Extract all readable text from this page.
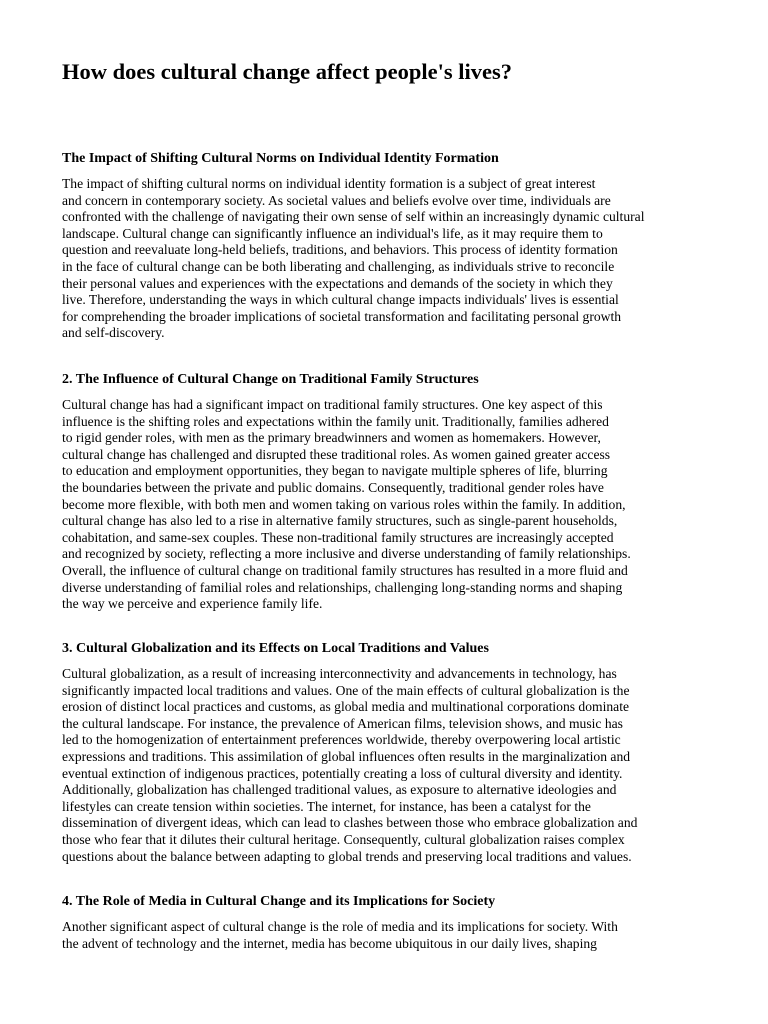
How does cultural change affect people's lives?
The Impact of Shifting Cultural Norms on Individual Identity Formation

The impact of shifting cultural norms on individual identity formation is a subject of great interest
and concern in contemporary society. As societal values and beliefs evolve over time, individuals are
confronted with the challenge of navigating their own sense of self within an increasingly dynamic cultural
landscape. Cultural change can significantly influence an individual's life, as it may require them to
question and reevaluate long-held beliefs, traditions, and behaviors. This process of identity formation
in the face of cultural change can be both liberating and challenging, as individuals strive to reconcile
their personal values and experiences with the expectations and demands of the society in which they
live. Therefore, understanding the ways in which cultural change impacts individuals' lives is essential
for comprehending the broader implications of societal transformation and facilitating personal growth
and self-discovery.

2. The Influence of Cultural Change on Traditional Family Structures

Cultural change has had a significant impact on traditional family structures. One key aspect of this
influence is the shifting roles and expectations within the family unit. Traditionally, families adhered
to rigid gender roles, with men as the primary breadwinners and women as homemakers. However,
cultural change has challenged and disrupted these traditional roles. As women gained greater access
to education and employment opportunities, they began to navigate multiple spheres of life, blurring
the boundaries between the private and public domains. Consequently, traditional gender roles have
become more flexible, with both men and women taking on various roles within the family. In addition,
cultural change has also led to a rise in alternative family structures, such as single-parent households,
cohabitation, and same-sex couples. These non-traditional family structures are increasingly accepted
and recognized by society, reflecting a more inclusive and diverse understanding of family relationships.
Overall, the influence of cultural change on traditional family structures has resulted in a more fluid and
diverse understanding of familial roles and relationships, challenging long-standing norms and shaping
the way we perceive and experience family life.

3. Cultural Globalization and its Effects on Local Traditions and Values

Cultural globalization, as a result of increasing interconnectivity and advancements in technology, has
significantly impacted local traditions and values. One of the main effects of cultural globalization is the
erosion of distinct local practices and customs, as global media and multinational corporations dominate
the cultural landscape. For instance, the prevalence of American films, television shows, and music has
led to the homogenization of entertainment preferences worldwide, thereby overpowering local artistic
expressions and traditions. This assimilation of global influences often results in the marginalization and
eventual extinction of indigenous practices, potentially creating a loss of cultural diversity and identity.
Additionally, globalization has challenged traditional values, as exposure to alternative ideologies and
lifestyles can create tension within societies. The internet, for instance, has been a catalyst for the
dissemination of divergent ideas, which can lead to clashes between those who embrace globalization and
those who fear that it dilutes their cultural heritage. Consequently, cultural globalization raises complex
questions about the balance between adapting to global trends and preserving local traditions and values.

4. The Role of Media in Cultural Change and its Implications for Society

Another significant aspect of cultural change is the role of media and its implications for society. With
the advent of technology and the internet, media has become ubiquitous in our daily lives, shaping
